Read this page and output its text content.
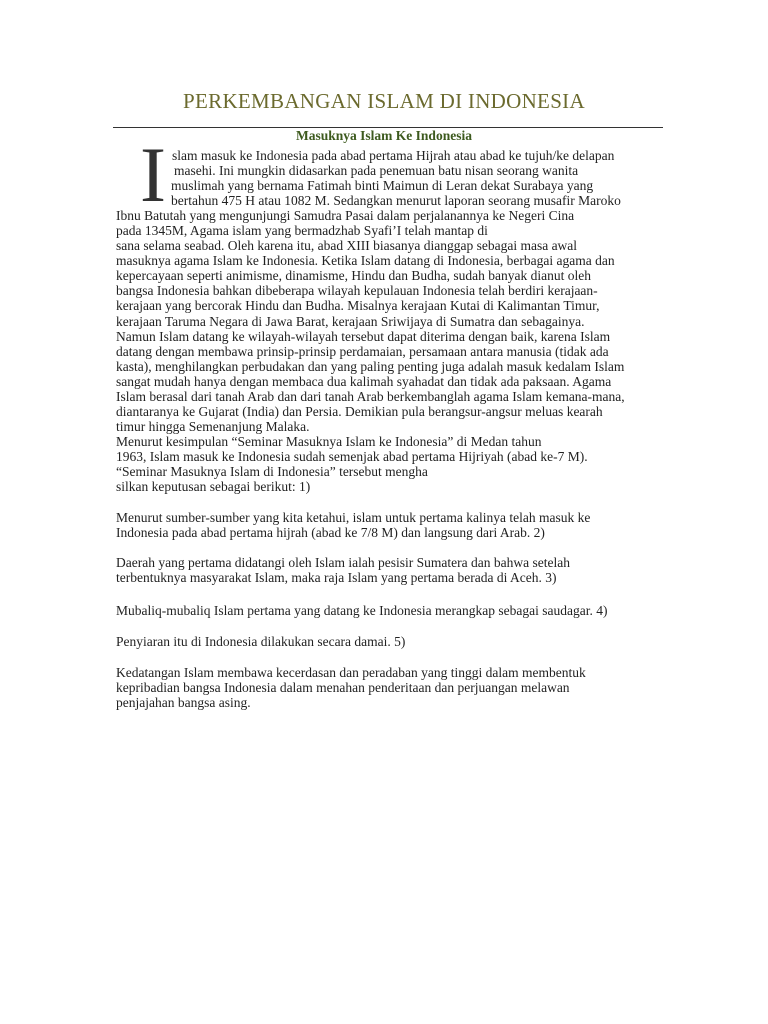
PERKEMBANGAN ISLAM DI INDONESIA
Masuknya Islam Ke Indonesia
I slam masuk ke Indonesia pada abad pertama Hijrah atau abad ke tujuh/ke delapan
masehi. Ini mungkin didasarkan pada penemuan batu nisan seorang wanita
muslimah yang bernama Fatimah binti Maimun di Leran dekat Surabaya yang
bertahun 475 H atau 1082 M. Sedangkan menurut laporan seorang musafir Maroko
Ibnu Batutah yang mengunjungi Samudra Pasai dalam perjalanannya ke Negeri Cina
pada 1345M, Agama islam yang bermadzhab Syafi’I telah mantap di
sana selama seabad. Oleh karena itu, abad XIII biasanya dianggap sebagai masa awal
masuknya agama Islam ke Indonesia. Ketika Islam datang di Indonesia, berbagai agama dan
kepercayaan seperti animisme, dinamisme, Hindu dan Budha, sudah banyak dianut oleh
bangsa Indonesia bahkan dibeberapa wilayah kepulauan Indonesia telah berdiri kerajaan-
kerajaan yang bercorak Hindu dan Budha. Misalnya kerajaan Kutai di Kalimantan Timur,
kerajaan Taruma Negara di Jawa Barat, kerajaan Sriwijaya di Sumatra dan sebagainya.
Namun Islam datang ke wilayah-wilayah tersebut dapat diterima dengan baik, karena Islam
datang dengan membawa prinsip-prinsip perdamaian, persamaan antara manusia (tidak ada
kasta), menghilangkan perbudakan dan yang paling penting juga adalah masuk kedalam Islam
sangat mudah hanya dengan membaca dua kalimah syahadat dan tidak ada paksaan. Agama
Islam berasal dari tanah Arab dan dari tanah Arab berkembanglah agama Islam kemana-mana,
diantaranya ke Gujarat (India) dan Persia. Demikian pula berangsur-angsur meluas kearah
timur hingga Semenanjung Malaka.
Menurut kesimpulan “Seminar Masuknya Islam ke Indonesia” di Medan tahun
1963, Islam masuk ke Indonesia sudah semenjak abad pertama Hijriyah (abad ke-7 M).
“Seminar Masuknya Islam di Indonesia” tersebut mengha
silkan keputusan sebagai berikut: 1)
Menurut sumber-sumber yang kita ketahui, islam untuk pertama kalinya telah masuk ke
Indonesia pada abad pertama hijrah (abad ke 7/8 M) dan langsung dari Arab. 2)
Daerah yang pertama didatangi oleh Islam ialah pesisir Sumatera dan bahwa setelah
terbentuknya masyarakat Islam, maka raja Islam yang pertama berada di Aceh. 3)
Mubaliq-mubaliq Islam pertama yang datang ke Indonesia merangkap sebagai saudagar. 4)
Penyiaran itu di Indonesia dilakukan secara damai. 5)
Kedatangan Islam membawa kecerdasan dan peradaban yang tinggi dalam membentuk
kepribadian bangsa Indonesia dalam menahan penderitaan dan perjuangan melawan
penjajahan bangsa asing.
